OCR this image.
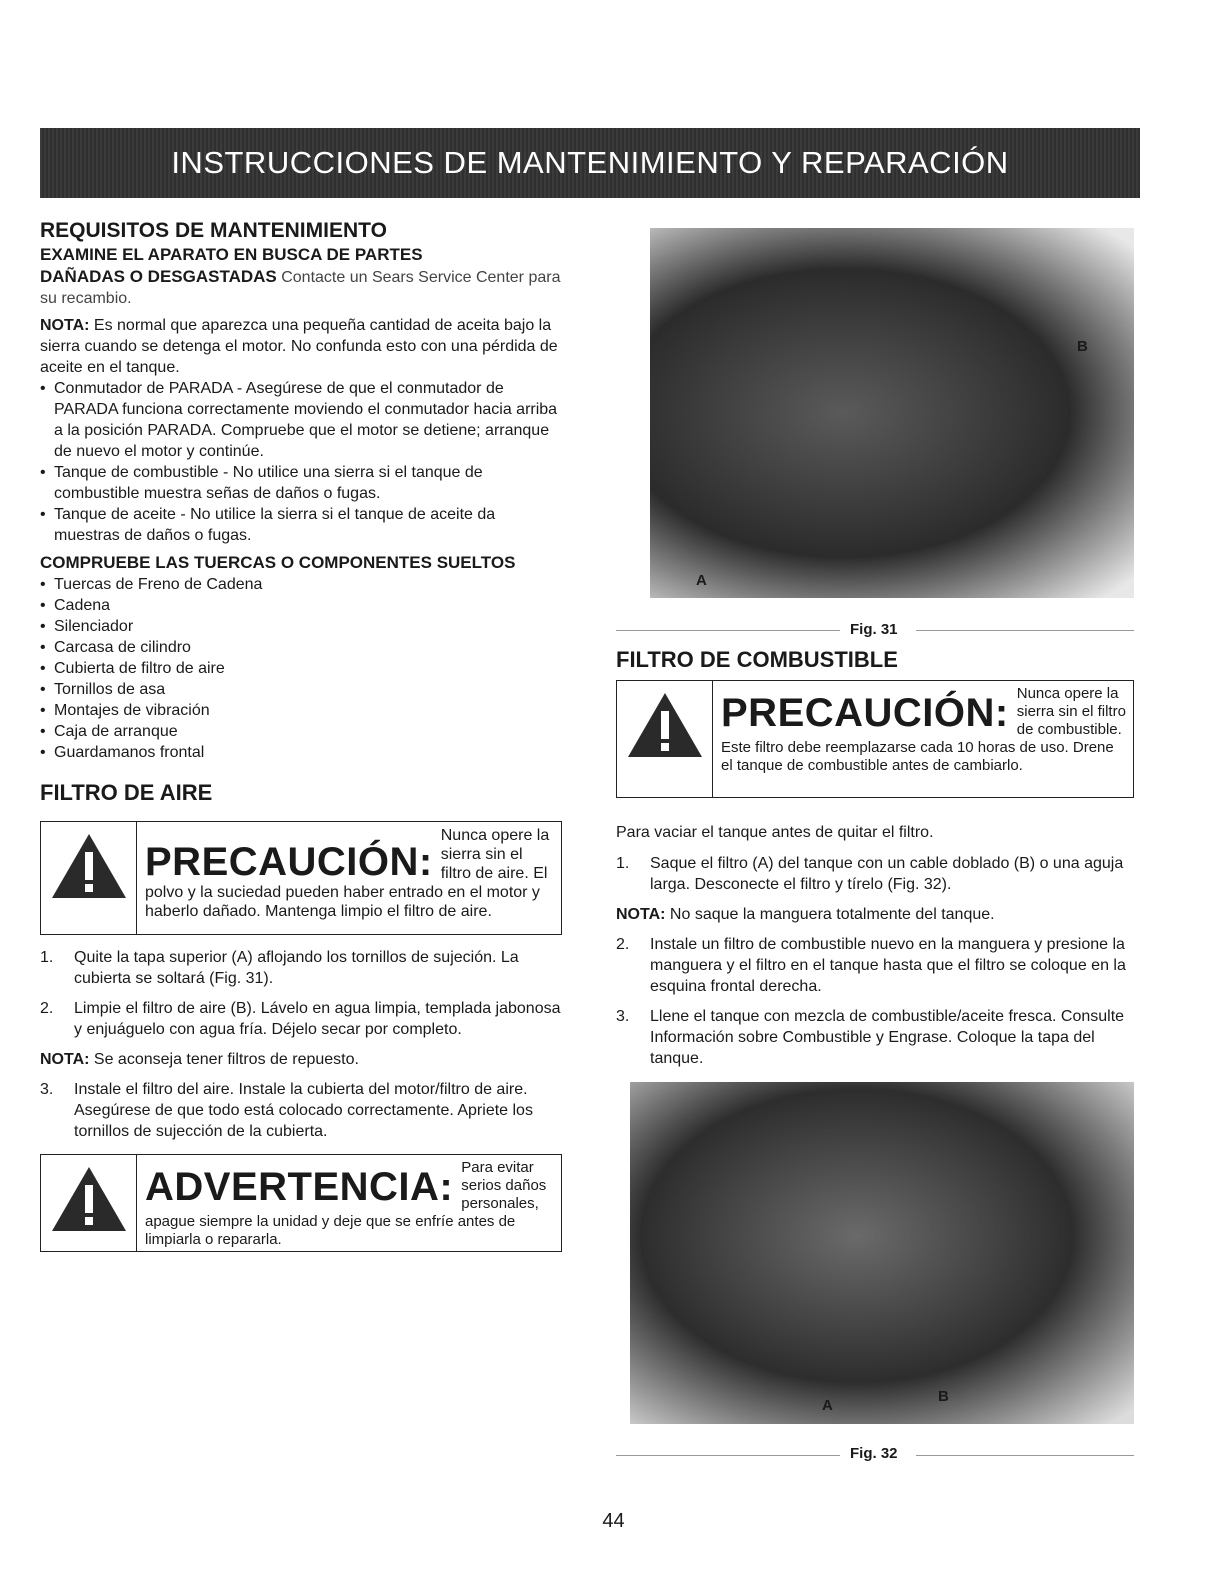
INSTRUCCIONES DE MANTENIMIENTO Y REPARACIÓN
REQUISITOS DE MANTENIMIENTO
EXAMINE EL APARATO EN BUSCA DE PARTES

DAÑADAS O DESGASTADAS Contacte un Sears Service Center para su recambio.

NOTA: Es normal que aparezca una pequeña cantidad de aceita bajo la sierra cuando se detenga el motor. No confunda esto con una pérdida de aceite en el tanque.

• Conmutador de PARADA - Asegúrese de que el conmutador de PARADA funciona correctamente moviendo el conmutador hacia arriba a la posición PARADA. Compruebe que el motor se detiene; arranque de nuevo el motor y continúe.
• Tanque de combustible - No utilice una sierra si el tanque de combustible muestra señas de daños o fugas.
• Tanque de aceite - No utilice la sierra si el tanque de aceite da muestras de daños o fugas.
COMPRUEBE LAS TUERCAS O COMPONENTES SUELTOS
• Tuercas de Freno de Cadena
• Cadena
• Silenciador
• Carcasa de cilindro
• Cubierta de filtro de aire
• Tornillos de asa
• Montajes de vibración
• Caja de arranque
• Guardamanos frontal
FILTRO DE AIRE
PRECAUCIÓN:
Nunca opere la sierra sin el filtro de aire. El polvo y la suciedad pueden haber entrado en el motor y haberlo dañado. Mantenga limpio el filtro de aire.
1. Quite la tapa superior (A) aflojando los tornillos de sujeción. La cubierta se soltará (Fig. 31).
2. Limpie el filtro de aire (B). Lávelo en agua limpia, templada jabonosa y enjuáguelo con agua fría. Déjelo secar por completo.

NOTA: Se aconseja tener filtros de repuesto.

3. Instale el filtro del aire. Instale la cubierta del motor/filtro de aire. Asegúrese de que todo está colocado correctamente. Apriete los tornillos de sujección de la cubierta.
ADVERTENCIA: Para evitar serios daños personales, apague siempre la unidad y deje que se enfríe antes de limpiarla o repararla.
A
B
Fig. 31
FILTRO DE COMBUSTIBLE
PRECAUCIÓN: Nunca opere la sierra sin el filtro de combustible. Este filtro debe reemplazarse cada 10 horas de uso. Drene el tanque de combustible antes de cambiarlo.

Para vaciar el tanque antes de quitar el filtro.

1. Saque el filtro (A) del tanque con un cable doblado (B) o una aguja larga. Desconecte el filtro y tírelo (Fig. 32).

NOTA: No saque la manguera totalmente del tanque.

2. Instale un filtro de combustible nuevo en la manguera y presione la manguera y el filtro en el tanque hasta que el filtro se coloque en la esquina frontal derecha.
3. Llene el tanque con mezcla de combustible/aceite fresca. Consulte Información sobre Combustible y Engrase. Coloque la tapa del tanque.
A
B
Fig. 32
44
